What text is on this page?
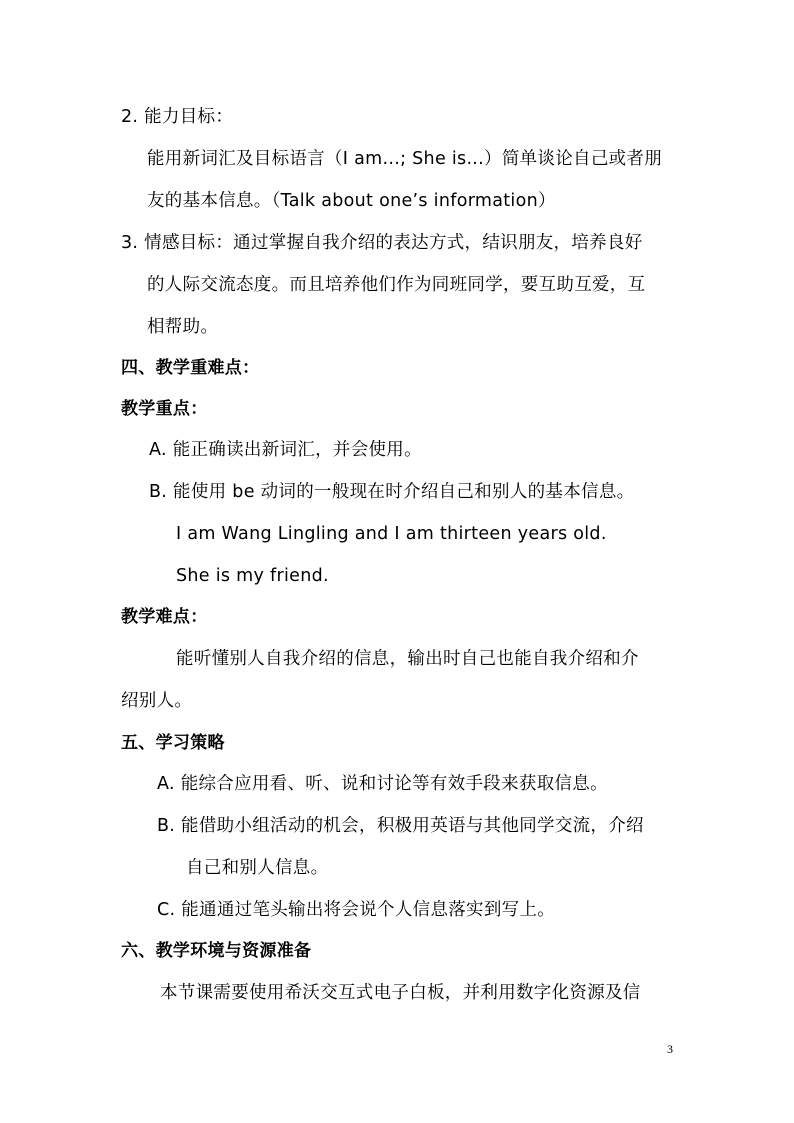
2. 能力目标：
能用新词汇及目标语言（I am...; She is...）简单谈论自己或者朋
友的基本信息。（Talk about one’s information）
3. 情感目标：通过掌握自我介绍的表达方式，结识朋友，培养良好
的人际交流态度。而且培养他们作为同班同学，要互助互爱，互
相帮助。
四、教学重难点：
教学重点：
A. 能正确读出新词汇，并会使用。
B. 能使用 be 动词的一般现在时介绍自己和别人的基本信息。
I am Wang Lingling and I am thirteen years old.
She is my friend.
教学难点：
能听懂别人自我介绍的信息，输出时自己也能自我介绍和介
绍别人。
五、学习策略
A. 能综合应用看、听、说和讨论等有效手段来获取信息。
B. 能借助小组活动的机会，积极用英语与其他同学交流，介绍
自己和别人信息。
C. 能通通过笔头输出将会说个人信息落实到写上。
六、教学环境与资源准备
本节课需要使用希沃交互式电子白板，并利用数字化资源及信
3
